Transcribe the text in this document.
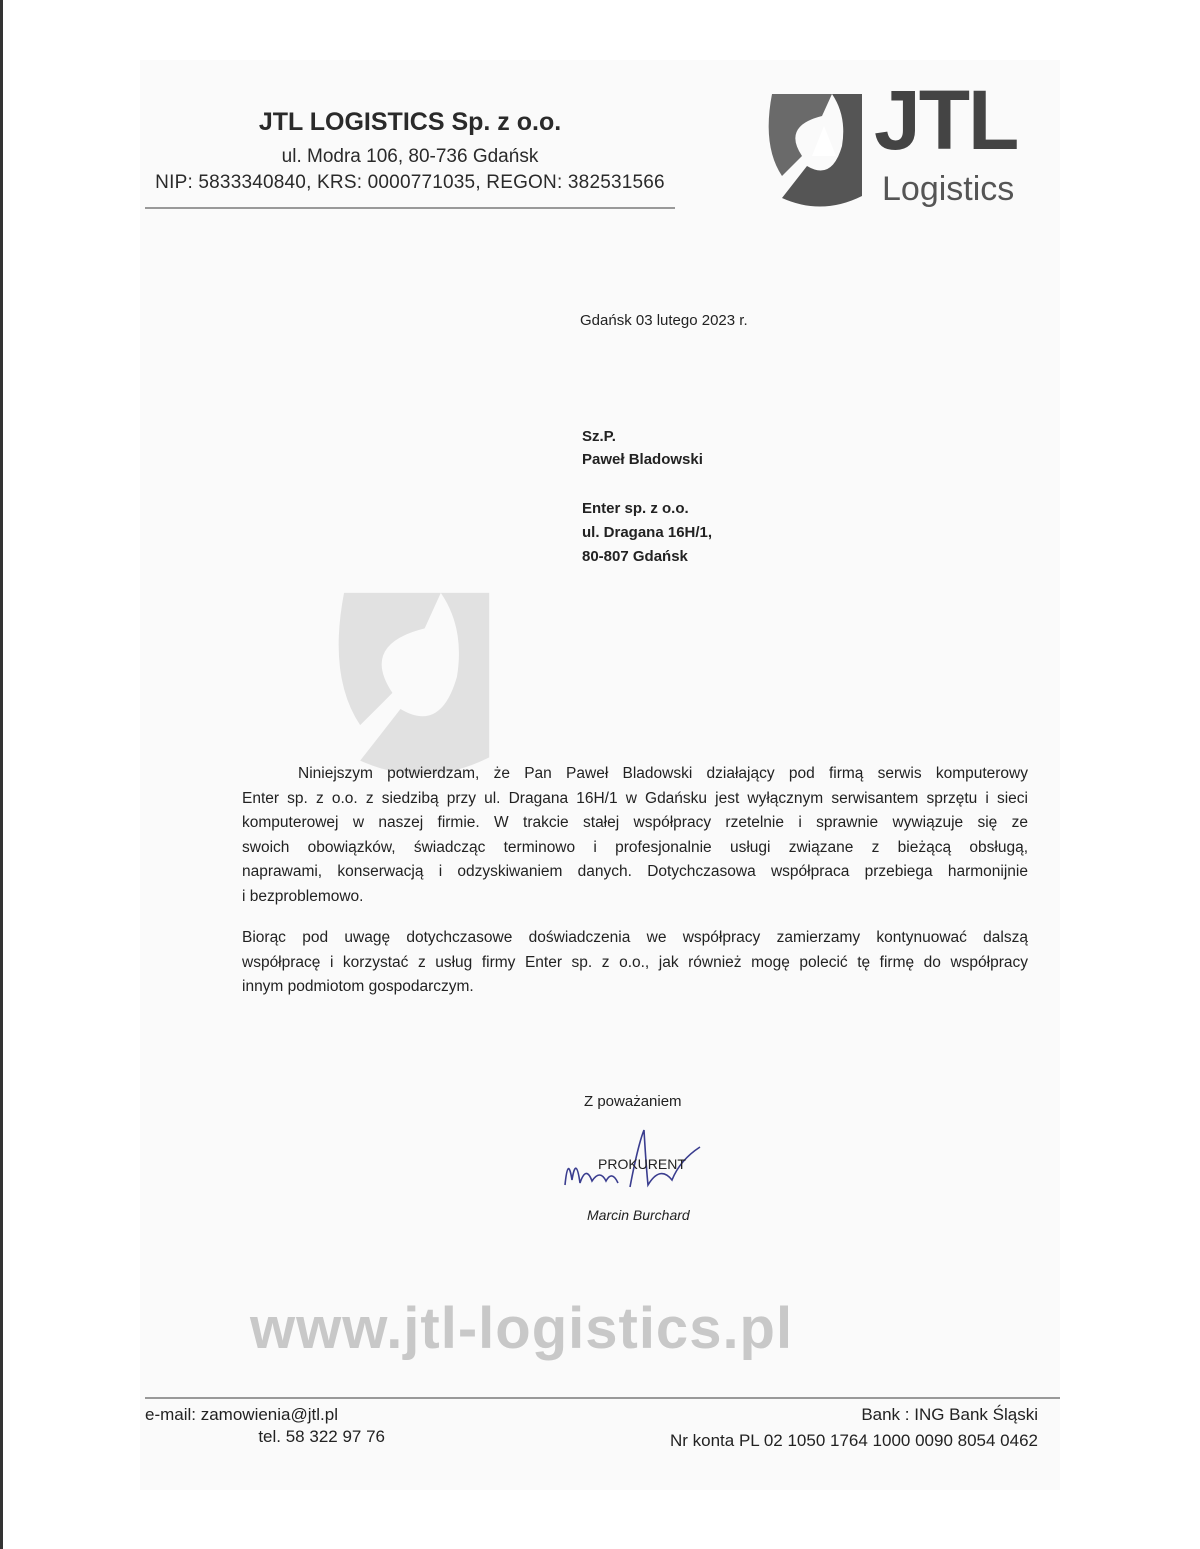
JTL LOGISTICS Sp. z o.o.
ul. Modra 106, 80-736 Gdańsk
NIP: 5833340840, KRS: 0000771035, REGON: 382531566
JTL
Logistics
Gdańsk 03 lutego 2023 r.
Sz.P.
Paweł Bladowski
Enter sp. z o.o.
ul. Dragana 16H/1,
80-807 Gdańsk
Niniejszym potwierdzam, że Pan Paweł Bladowski działający pod firmą serwis komputerowy
Enter sp. z o.o. z siedzibą przy ul. Dragana 16H/1 w Gdańsku jest wyłącznym serwisantem sprzętu i sieci
komputerowej w naszej firmie. W trakcie stałej współpracy rzetelnie i sprawnie wywiązuje się ze
swoich obowiązków, świadcząc terminowo i profesjonalnie usługi związane z bieżącą obsługą,
naprawami, konserwacją i odzyskiwaniem danych. Dotychczasowa współpraca przebiega harmonijnie
i bezproblemowo.
Biorąc pod uwagę dotychczasowe doświadczenia we współpracy zamierzamy kontynuować dalszą
współpracę i korzystać z usług firmy Enter sp. z o.o., jak również mogę polecić tę firmę do współpracy
innym podmiotom gospodarczym.
Z poważaniem
PROKURENT
Marcin Burchard
www.jtl-logistics.pl
e-mail: zamowienia@jtl.pl
tel. 58 322 97 76
Bank : ING Bank Śląski
Nr konta PL 02 1050 1764 1000 0090 8054 0462
